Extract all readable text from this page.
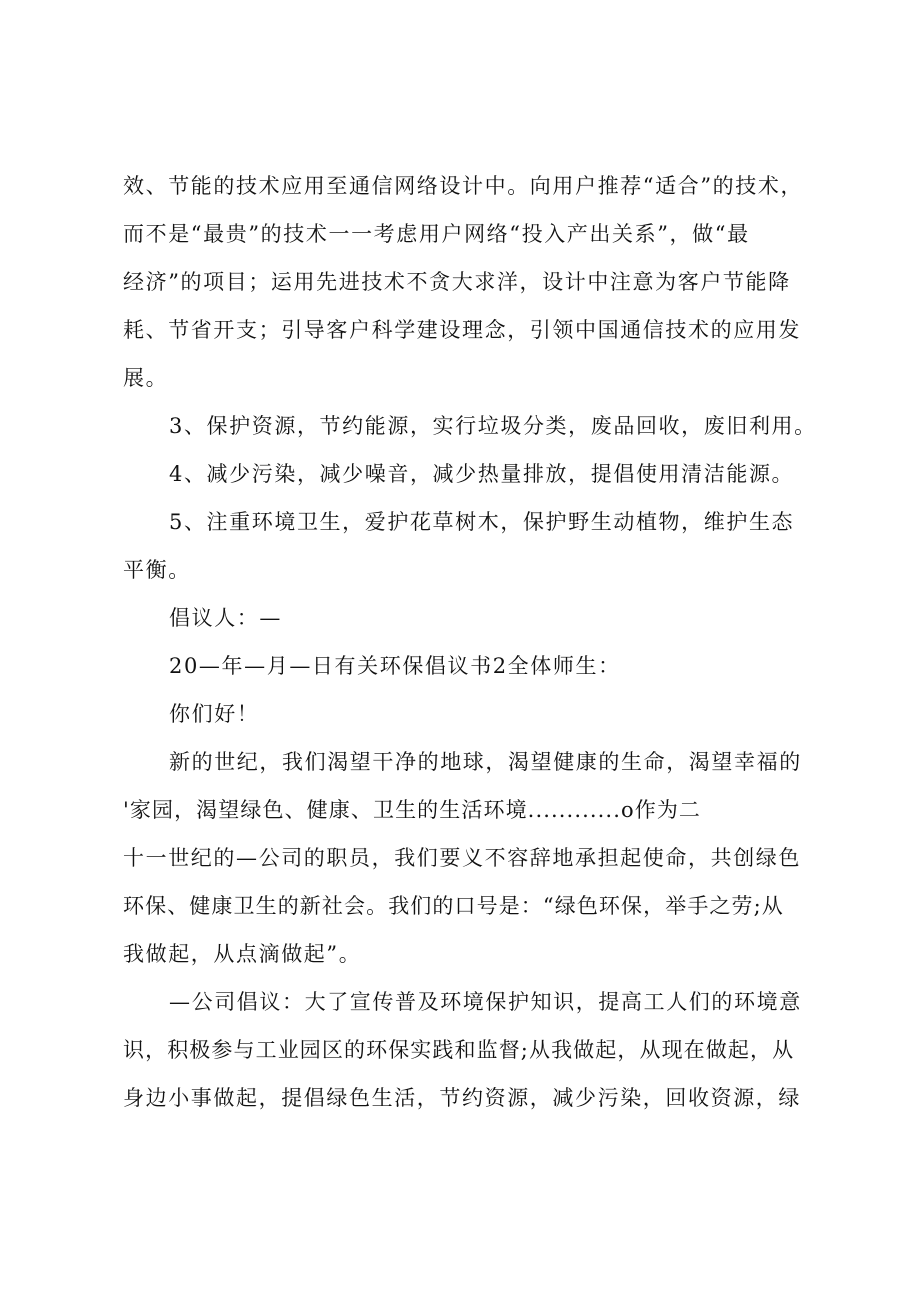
效、节能的技术应用至通信网络设计中。向用户推荐“适合”的技术，
而不是“最贵”的技术一一考虑用户网络“投入产出关系”，做“最
经济”的项目；运用先进技术不贪大求洋，设计中注意为客户节能降
耗、节省开支；引导客户科学建设理念，引领中国通信技术的应用发
展。
3、保护资源，节约能源，实行垃圾分类，废品回收，废旧利用。
4、减少污染，减少噪音，减少热量排放，提倡使用清洁能源。
5、注重环境卫生，爱护花草树木，保护野生动植物，维护生态
平衡。
倡议人：—
20—年—月—日有关环保倡议书2全体师生：
你们好！
新的世纪，我们渴望干净的地球，渴望健康的生命，渴望幸福的
'家园，渴望绿色、健康、卫生的生活环境............o作为二
十一世纪的—公司的职员，我们要义不容辞地承担起使命，共创绿色
环保、健康卫生的新社会。我们的口号是：“绿色环保，举手之劳;从
我做起，从点滴做起”。
—公司倡议：大了宣传普及环境保护知识，提高工人们的环境意
识，积极参与工业园区的环保实践和监督;从我做起，从现在做起，从
身边小事做起，提倡绿色生活，节约资源，减少污染，回收资源，绿
